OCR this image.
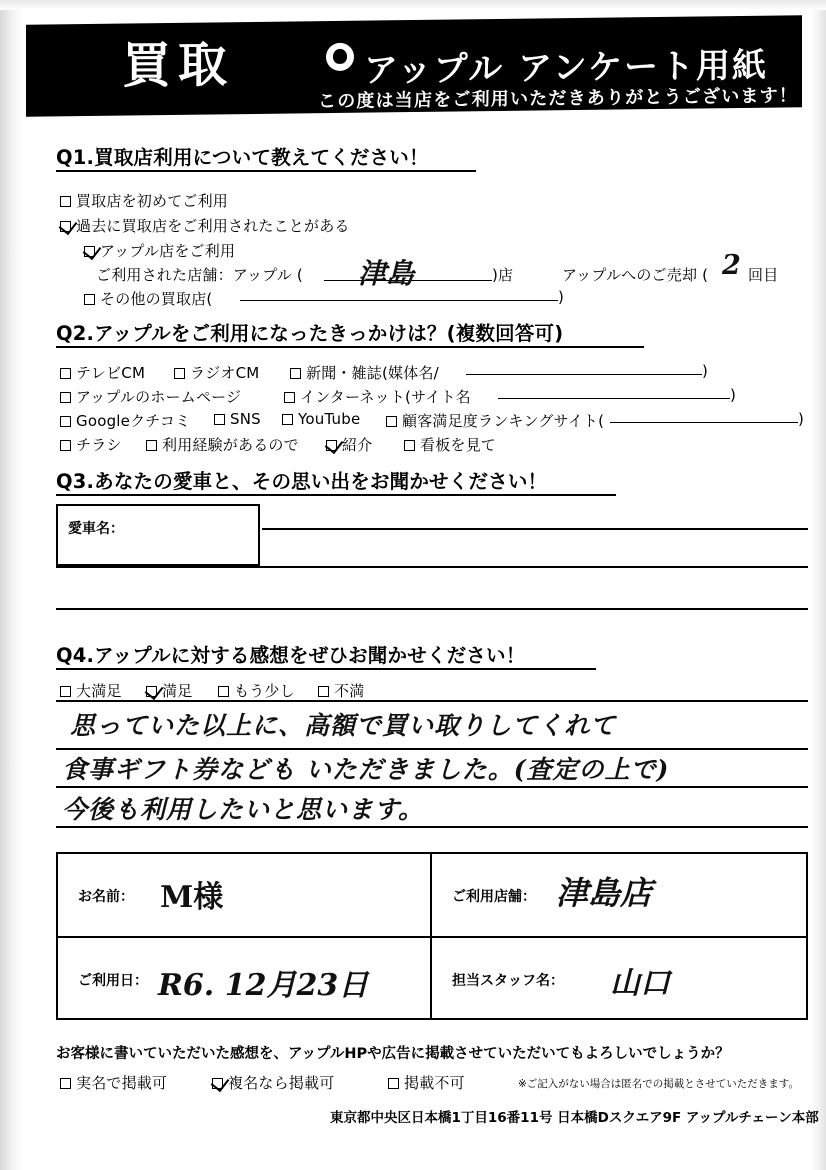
買取	アップル アンケート用紙
この度は当店をご利用いただきありがとうございます！
Q1.買取店利用について教えてください！
買取店を初めてご利用
過去に買取店をご利用されたことがある
アップル店をご利用
ご利用された店舗：アップル ( 津島	)店	アップルへのご売却 ( 2 回目
その他の買取店(	)
Q2.アップルをご利用になったきっかけは？(複数回答可)
テレビCM	ラジオCM	新聞・雑誌(媒体名/	)
アップルのホームページ	インターネット(サイト名	)
Googleクチコミ	SNS	YouTube	顧客満足度ランキングサイト(	)
チラシ	利用経験があるので	紹介	看板を見て
Q3.あなたの愛車と、その思い出をお聞かせください！
愛車名：
Q4.アップルに対する感想をぜひお聞かせください！
大満足	満足	もう少し	不満
思っていた以上に、高額で買い取りしてくれて
食事ギフト券なども いただきました。(査定の上で)
今後も利用したいと思います。
お名前： M様	ご利用店舗： 津島店
ご利用日： R6. 12月23日	担当スタッフ名： 山口
お客様に書いていただいた感想を、アップルHPや広告に掲載させていただいてもよろしいでしょうか？
実名で掲載可	複名なら掲載可	掲載不可	※ご記入がない場合は匿名での掲載とさせていただきます。
東京都中央区日本橋1丁目16番11号 日本橋Dスクエア9F アップルチェーン本部
